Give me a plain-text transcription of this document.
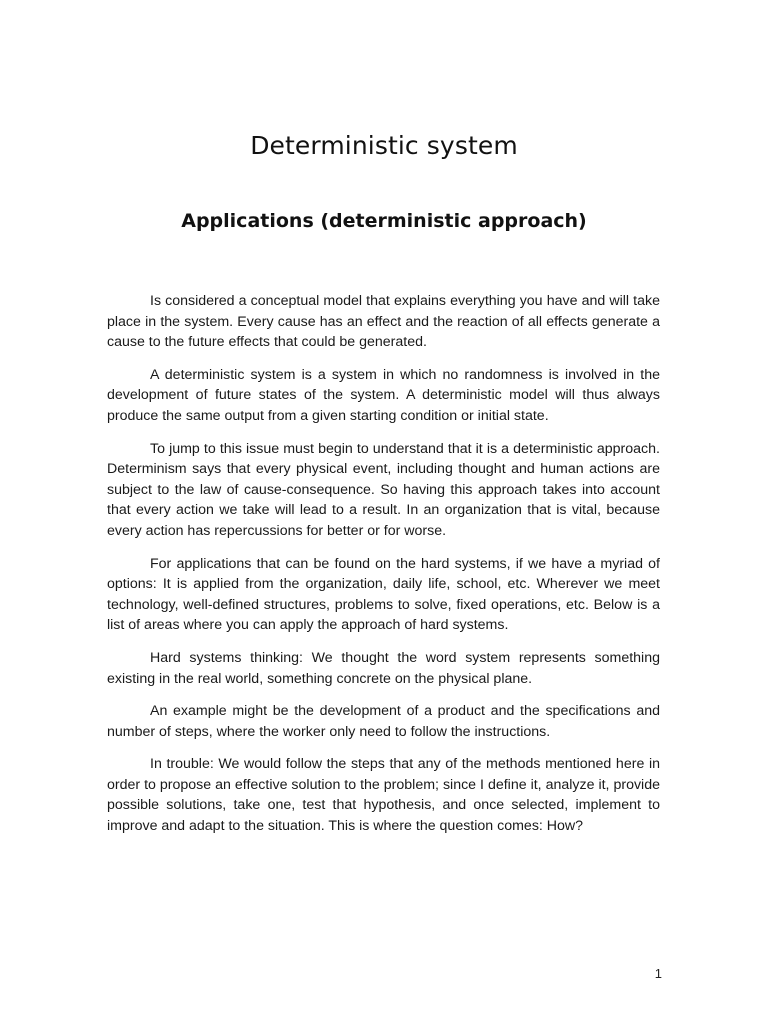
Deterministic system
Applications (deterministic approach)

Is considered a conceptual model that explains everything you have and will take place in the system. Every cause has an effect and the reaction of all effects generate a cause to the future effects that could be generated.

A deterministic system is a system in which no randomness is involved in the development of future states of the system. A deterministic model will thus always produce the same output from a given starting condition or initial state.

To jump to this issue must begin to understand that it is a deterministic approach. Determinism says that every physical event, including thought and human actions are subject to the law of cause-consequence. So having this approach takes into account that every action we take will lead to a result. In an organization that is vital, because every action has repercussions for better or for worse.

For applications that can be found on the hard systems, if we have a myriad of options: It is applied from the organization, daily life, school, etc. Wherever we meet technology, well-defined structures, problems to solve, fixed operations, etc. Below is a list of areas where you can apply the approach of hard systems.

Hard systems thinking: We thought the word system represents something existing in the real world, something concrete on the physical plane.

An example might be the development of a product and the specifications and number of steps, where the worker only need to follow the instructions.

In trouble: We would follow the steps that any of the methods mentioned here in order to propose an effective solution to the problem; since I define it, analyze it, provide possible solutions, take one, test that hypothesis, and once selected, implement to improve and adapt to the situation. This is where the question comes: How?

1
